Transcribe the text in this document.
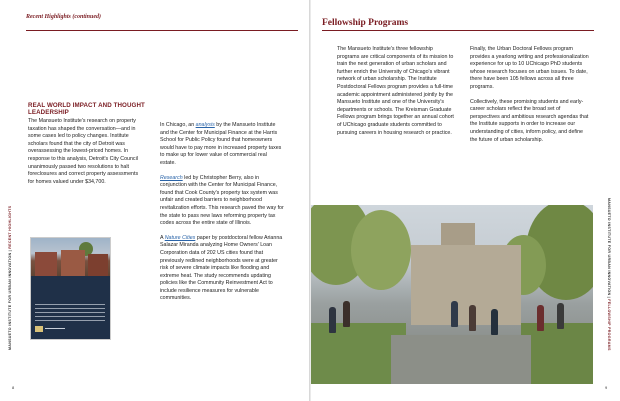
Recent Highlights (continued)
REAL WORLD IMPACT AND THOUGHT LEADERSHIP

The Mansueto Institute's research on property taxation has shaped the conversation—and in some cases led to policy changes. Institute scholars found that the city of Detroit was overassessing the lowest-priced homes. In response to this analysis, Detroit's City Council unanimously passed two resolutions to halt foreclosures and correct property assessments for homes valued under $34,700.

In Chicago, an analysis by the Mansueto Institute and the Center for Municipal Finance at the Harris School for Public Policy found that homeowners would have to pay more in increased property taxes to make up for lower value of commercial real estate.

Research led by Christopher Berry, also in conjunction with the Center for Municipal Finance, found that Cook County's property tax system was unfair and created barriers to neighborhood revitalization efforts. This research paved the way for the state to pass new laws reforming property tax codes across the entire state of Illinois.

A Nature Cities paper by postdoctoral fellow Arianna Salazar Miranda analyzing Home Owners' Loan Corporation data of 202 US cities found that previously redlined neighborhoods were at greater risk of severe climate impacts like flooding and extreme heat. The study recommends updating policies like the Community Reinvestment Act to include resilience measures for vulnerable communities.

MANSUETO INSTITUTE FOR URBAN INNOVATION | RECENT HIGHLIGHTS
8
Fellowship Programs

The Mansueto Institute's three fellowship programs are critical components of its mission to train the next generation of urban scholars and further enrich the University of Chicago's vibrant network of urban scholarship. The Institute Postdoctoral Fellows program provides a full-time academic appointment administered jointly by the Mansueto Institute and one of the University's departments or schools. The Kreisman Graduate Fellows program brings together an annual cohort of UChicago graduate students committed to pursuing careers in housing research or practice.

Finally, the Urban Doctoral Fellows program provides a yearlong writing and professionalization experience for up to 10 UChicago PhD students whose research focuses on urban issues. To date, there have been 105 fellows across all three programs.

Collectively, these promising students and early-career scholars reflect the broad set of perspectives and ambitious research agendas that the Institute supports in order to increase our understanding of cities, inform policy, and define the future of urban scholarship.

MANSUETO INSTITUTE FOR URBAN INNOVATION | FELLOWSHIP PROGRAMS
9
